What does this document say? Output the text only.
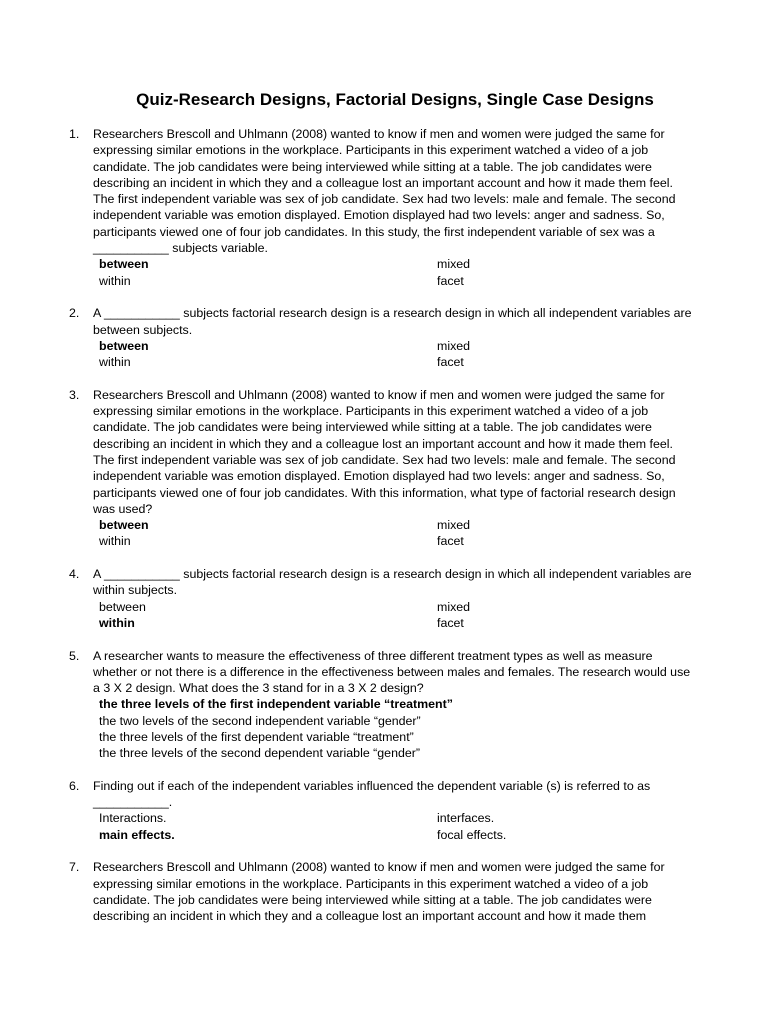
Quiz-Research Designs, Factorial Designs, Single Case Designs
1. Researchers Brescoll and Uhlmann (2008) wanted to know if men and women were judged the same for expressing similar emotions in the workplace. Participants in this experiment watched a video of a job candidate. The job candidates were being interviewed while sitting at a table. The job candidates were describing an incident in which they and a colleague lost an important account and how it made them feel. The first independent variable was sex of job candidate. Sex had two levels: male and female. The second independent variable was emotion displayed. Emotion displayed had two levels: anger and sadness. So, participants viewed one of four job candidates. In this study, the first independent variable of sex was a ___________ subjects variable.
between	mixed
within	facet
2. A ___________ subjects factorial research design is a research design in which all independent variables are between subjects.
between	mixed
within	facet
3. Researchers Brescoll and Uhlmann (2008) wanted to know if men and women were judged the same for expressing similar emotions in the workplace. Participants in this experiment watched a video of a job candidate. The job candidates were being interviewed while sitting at a table. The job candidates were describing an incident in which they and a colleague lost an important account and how it made them feel. The first independent variable was sex of job candidate. Sex had two levels: male and female. The second independent variable was emotion displayed. Emotion displayed had two levels: anger and sadness. So, participants viewed one of four job candidates. With this information, what type of factorial research design was used?
between	mixed
within	facet
4. A ___________ subjects factorial research design is a research design in which all independent variables are within subjects.
between	mixed
within	facet
5. A researcher wants to measure the effectiveness of three different treatment types as well as measure whether or not there is a difference in the effectiveness between males and females. The research would use a 3 X 2 design. What does the 3 stand for in a 3 X 2 design?
the three levels of the first independent variable “treatment”
the two levels of the second independent variable “gender”
the three levels of the first dependent variable “treatment”
the three levels of the second dependent variable “gender”
6. Finding out if each of the independent variables influenced the dependent variable (s) is referred to as ___________.
Interactions.	interfaces.
main effects.	focal effects.
7. Researchers Brescoll and Uhlmann (2008) wanted to know if men and women were judged the same for expressing similar emotions in the workplace. Participants in this experiment watched a video of a job candidate. The job candidates were being interviewed while sitting at a table. The job candidates were describing an incident in which they and a colleague lost an important account and how it made them
